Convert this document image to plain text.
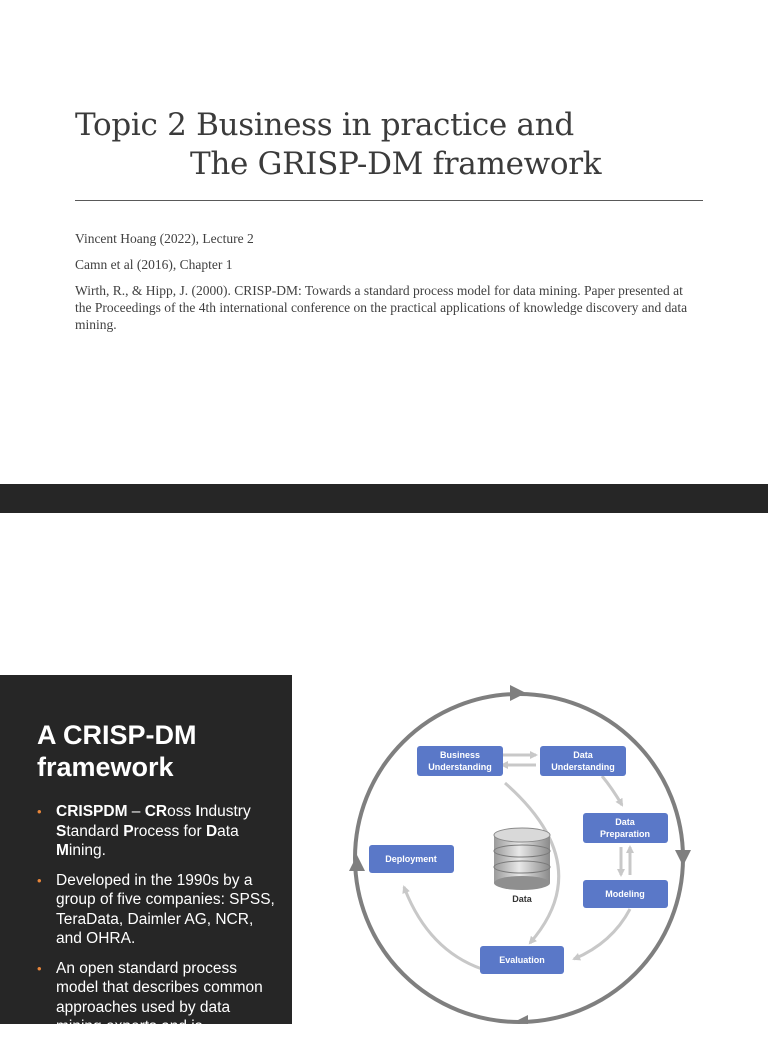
Topic 2 Business in practice and
The GRISP-DM framework

Vincent Hoang (2022), Lecture 2

Camn et al (2016), Chapter 1

Wirth, R., & Hipp, J. (2000). CRISP-DM: Towards a standard process model for data mining. Paper presented at the Proceedings of the 4th international conference on the practical applications of knowledge discovery and data mining.

A CRISP-DM framework
• CRISPDM – CRoss Industry Standard Process for Data Mining.
• Developed in the 1990s by a group of five companies: SPSS, TeraData, Daimler AG, NCR, and OHRA.
• An open standard process model that describes common approaches used by data mining experts and is
Business
Understanding
Data
Understanding
Data
Preparation
Modeling
Evaluation
Deployment
Data
